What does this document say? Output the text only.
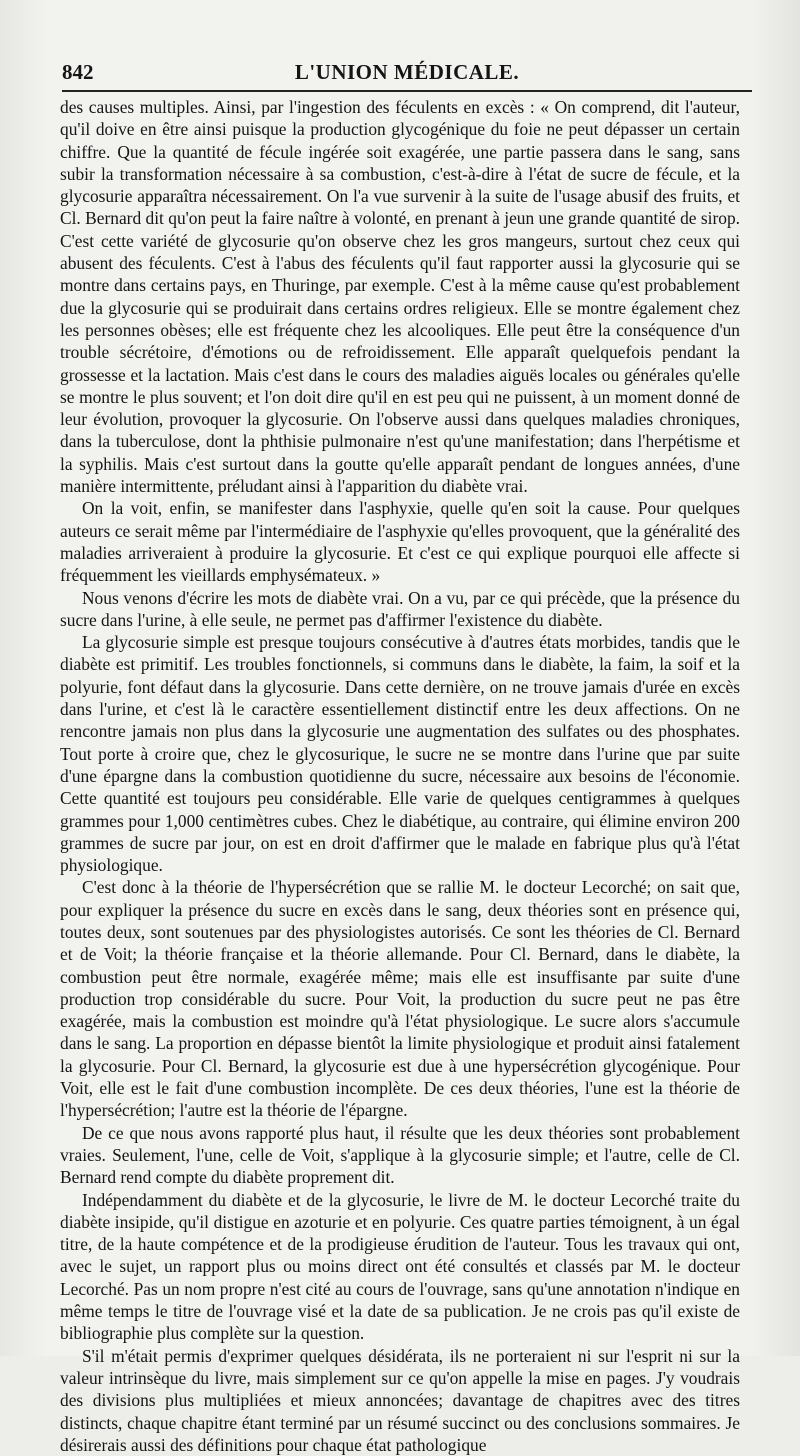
842	L'UNION MÉDICALE.

des causes multiples. Ainsi, par l'ingestion des féculents en excès : « On comprend, dit l'auteur, qu'il doive en être ainsi puisque la production glycogénique du foie ne peut dépasser un certain chiffre. Que la quantité de fécule ingérée soit exagérée, une partie passera dans le sang, sans subir la transformation nécessaire à sa combustion, c'est-à-dire à l'état de sucre de fécule, et la glycosurie apparaîtra nécessairement. On l'a vue survenir à la suite de l'usage abusif des fruits, et Cl. Bernard dit qu'on peut la faire naître à volonté, en prenant à jeun une grande quantité de sirop. C'est cette variété de glycosurie qu'on observe chez les gros mangeurs, surtout chez ceux qui abusent des féculents. C'est à l'abus des féculents qu'il faut rapporter aussi la glycosurie qui se montre dans certains pays, en Thuringe, par exemple. C'est à la même cause qu'est probablement due la glycosurie qui se produirait dans certains ordres religieux. Elle se montre également chez les personnes obèses; elle est fréquente chez les alcooliques. Elle peut être la conséquence d'un trouble sécrétoire, d'émotions ou de refroidissement. Elle apparaît quelquefois pendant la grossesse et la lactation. Mais c'est dans le cours des maladies aiguës locales ou générales qu'elle se montre le plus souvent; et l'on doit dire qu'il en est peu qui ne puissent, à un moment donné de leur évolution, provoquer la glycosurie. On l'observe aussi dans quelques maladies chroniques, dans la tuberculose, dont la phthisie pulmonaire n'est qu'une manifestation; dans l'herpétisme et la syphilis. Mais c'est surtout dans la goutte qu'elle apparaît pendant de longues années, d'une manière intermittente, préludant ainsi à l'apparition du diabète vrai.

On la voit, enfin, se manifester dans l'asphyxie, quelle qu'en soit la cause. Pour quelques auteurs ce serait même par l'intermédiaire de l'asphyxie qu'elles provoquent, que la généralité des maladies arriveraient à produire la glycosurie. Et c'est ce qui explique pourquoi elle affecte si fréquemment les vieillards emphysémateux. »

Nous venons d'écrire les mots de diabète vrai. On a vu, par ce qui précède, que la présence du sucre dans l'urine, à elle seule, ne permet pas d'affirmer l'existence du diabète.

La glycosurie simple est presque toujours consécutive à d'autres états morbides, tandis que le diabète est primitif. Les troubles fonctionnels, si communs dans le diabète, la faim, la soif et la polyurie, font défaut dans la glycosurie. Dans cette dernière, on ne trouve jamais d'urée en excès dans l'urine, et c'est là le caractère essentiellement distinctif entre les deux affections. On ne rencontre jamais non plus dans la glycosurie une augmentation des sulfates ou des phosphates. Tout porte à croire que, chez le glycosurique, le sucre ne se montre dans l'urine que par suite d'une épargne dans la combustion quotidienne du sucre, nécessaire aux besoins de l'économie. Cette quantité est toujours peu considérable. Elle varie de quelques centigrammes à quelques grammes pour 1,000 centimètres cubes. Chez le diabétique, au contraire, qui élimine environ 200 grammes de sucre par jour, on est en droit d'affirmer que le malade en fabrique plus qu'à l'état physiologique.

C'est donc à la théorie de l'hypersécrétion que se rallie M. le docteur Lecorché; on sait que, pour expliquer la présence du sucre en excès dans le sang, deux théories sont en présence qui, toutes deux, sont soutenues par des physiologistes autorisés. Ce sont les théories de Cl. Bernard et de Voit; la théorie française et la théorie allemande. Pour Cl. Bernard, dans le diabète, la combustion peut être normale, exagérée même; mais elle est insuffisante par suite d'une production trop considérable du sucre. Pour Voit, la production du sucre peut ne pas être exagérée, mais la combustion est moindre qu'à l'état physiologique. Le sucre alors s'accumule dans le sang. La proportion en dépasse bientôt la limite physiologique et produit ainsi fatalement la glycosurie. Pour Cl. Bernard, la glycosurie est due à une hypersécrétion glycogénique. Pour Voit, elle est le fait d'une combustion incomplète. De ces deux théories, l'une est la théorie de l'hypersécrétion; l'autre est la théorie de l'épargne.

De ce que nous avons rapporté plus haut, il résulte que les deux théories sont probablement vraies. Seulement, l'une, celle de Voit, s'applique à la glycosurie simple; et l'autre, celle de Cl. Bernard rend compte du diabète proprement dit.

Indépendamment du diabète et de la glycosurie, le livre de M. le docteur Lecorché traite du diabète insipide, qu'il distigue en azoturie et en polyurie. Ces quatre parties témoignent, à un égal titre, de la haute compétence et de la prodigieuse érudition de l'auteur. Tous les travaux qui ont, avec le sujet, un rapport plus ou moins direct ont été consultés et classés par M. le docteur Lecorché. Pas un nom propre n'est cité au cours de l'ouvrage, sans qu'une annotation n'indique en même temps le titre de l'ouvrage visé et la date de sa publication. Je ne crois pas qu'il existe de bibliographie plus complète sur la question.

S'il m'était permis d'exprimer quelques désidérata, ils ne porteraient ni sur l'esprit ni sur la valeur intrinsèque du livre, mais simplement sur ce qu'on appelle la mise en pages. J'y voudrais des divisions plus multipliées et mieux annoncées; davantage de chapitres avec des titres distincts, chaque chapitre étant terminé par un résumé succinct ou des conclusions sommaires. Je désirerais aussi des définitions pour chaque état pathologique
